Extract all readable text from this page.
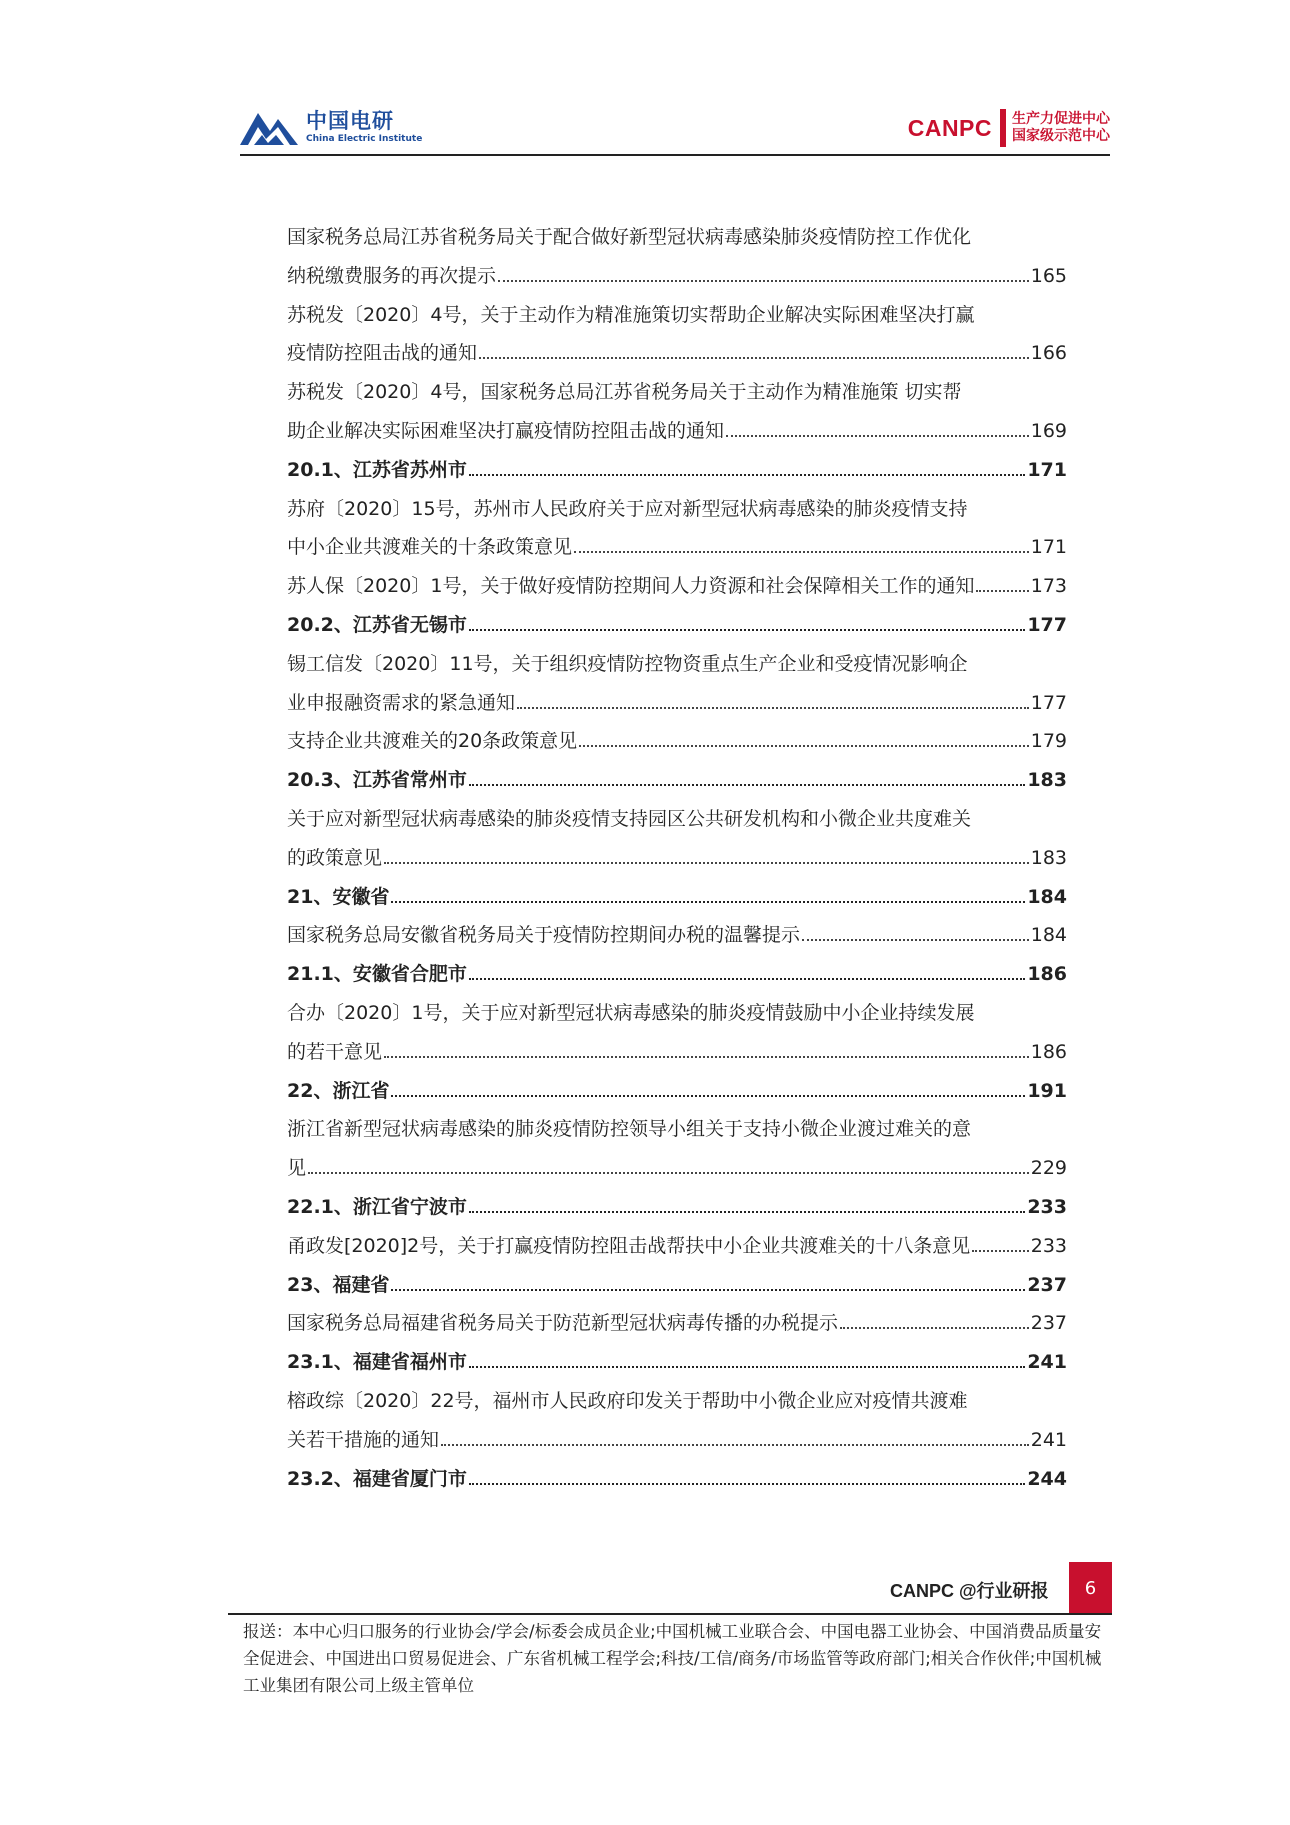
中国电研
China Electric Institute	CANPC 生产力促进中心
国家级示范中心
国家税务总局江苏省税务局关于配合做好新型冠状病毒感染肺炎疫情防控工作优化
纳税缴费服务的再次提示	165
苏税发〔2020〕4号，关于主动作为精准施策切实帮助企业解决实际困难坚决打赢
疫情防控阻击战的通知	166
苏税发〔2020〕4号，国家税务总局江苏省税务局关于主动作为精准施策 切实帮
助企业解决实际困难坚决打赢疫情防控阻击战的通知	169
20.1、江苏省苏州市	171
苏府〔2020〕15号，苏州市人民政府关于应对新型冠状病毒感染的肺炎疫情支持
中小企业共渡难关的十条政策意见	171
苏人保〔2020〕1号，关于做好疫情防控期间人力资源和社会保障相关工作的通知	173
20.2、江苏省无锡市	177
锡工信发〔2020〕11号，关于组织疫情防控物资重点生产企业和受疫情况影响企
业申报融资需求的紧急通知	177
支持企业共渡难关的20条政策意见	179
20.3、江苏省常州市	183
关于应对新型冠状病毒感染的肺炎疫情支持园区公共研发机构和小微企业共度难关
的政策意见	183
21、安徽省	184
国家税务总局安徽省税务局关于疫情防控期间办税的温馨提示	184
21.1、安徽省合肥市	186
合办〔2020〕1号，关于应对新型冠状病毒感染的肺炎疫情鼓励中小企业持续发展
的若干意见	186
22、浙江省	191
浙江省新型冠状病毒感染的肺炎疫情防控领导小组关于支持小微企业渡过难关的意
见	229
22.1、浙江省宁波市	233
甬政发[2020]2号，关于打赢疫情防控阻击战帮扶中小企业共渡难关的十八条意见	233
23、福建省	237
国家税务总局福建省税务局关于防范新型冠状病毒传播的办税提示	237
23.1、福建省福州市	241
榕政综〔2020〕22号，福州市人民政府印发关于帮助中小微企业应对疫情共渡难
关若干措施的通知	241
23.2、福建省厦门市	244
CANPC @行业研报 6
报送：本中心归口服务的行业协会/学会/标委会成员企业;中国机械工业联合会、中国电器工业协会、中国消费品质量安全促进会、中国进出口贸易促进会、广东省机械工程学会;科技/工信/商务/市场监管等政府部门;相关合作伙伴;中国机械工业集团有限公司上级主管单位
